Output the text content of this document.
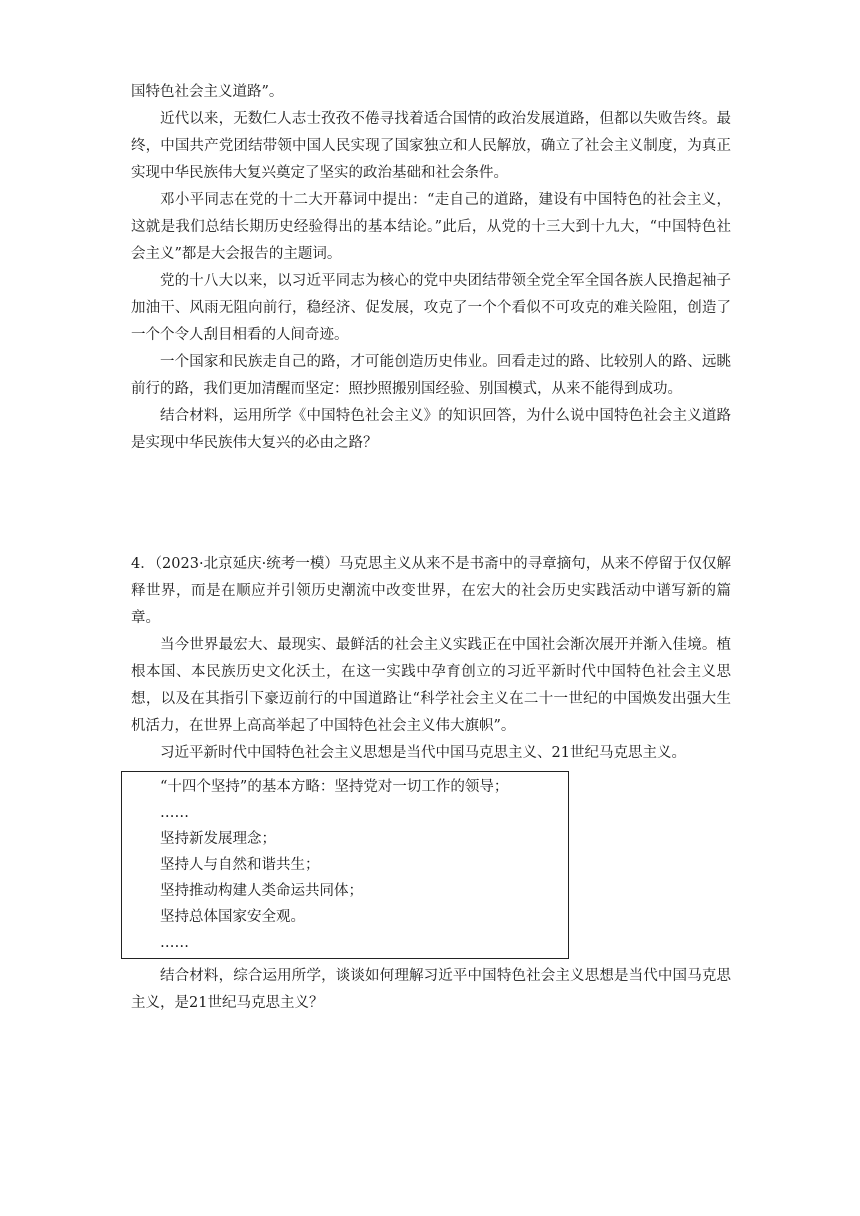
国特色社会主义道路”。

近代以来，无数仁人志士孜孜不倦寻找着适合国情的政治发展道路，但都以失败告终。最终，中国共产党团结带领中国人民实现了国家独立和人民解放，确立了社会主义制度，为真正实现中华民族伟大复兴奠定了坚实的政治基础和社会条件。

邓小平同志在党的十二大开幕词中提出：“走自己的道路，建设有中国特色的社会主义，这就是我们总结长期历史经验得出的基本结论。”此后，从党的十三大到十九大，“中国特色社会主义”都是大会报告的主题词。

党的十八大以来，以习近平同志为核心的党中央团结带领全党全军全国各族人民撸起袖子加油干、风雨无阻向前行，稳经济、促发展，攻克了一个个看似不可攻克的难关险阻，创造了一个个令人刮目相看的人间奇迹。

一个国家和民族走自己的路，才可能创造历史伟业。回看走过的路、比较别人的路、远眺前行的路，我们更加清醒而坚定：照抄照搬别国经验、别国模式，从来不能得到成功。

结合材料，运用所学《中国特色社会主义》的知识回答，为什么说中国特色社会主义道路是实现中华民族伟大复兴的必由之路？

4．（2023·北京延庆·统考一模）马克思主义从来不是书斋中的寻章摘句，从来不停留于仅仅解释世界，而是在顺应并引领历史潮流中改变世界，在宏大的社会历史实践活动中谱写新的篇章。

当今世界最宏大、最现实、最鲜活的社会主义实践正在中国社会渐次展开并渐入佳境。植根本国、本民族历史文化沃土，在这一实践中孕育创立的习近平新时代中国特色社会主义思想，以及在其指引下豪迈前行的中国道路让“科学社会主义在二十一世纪的中国焕发出强大生机活力，在世界上高高举起了中国特色社会主义伟大旗帜”。

习近平新时代中国特色社会主义思想是当代中国马克思主义、21世纪马克思主义。

“十四个坚持”的基本方略：坚持党对一切工作的领导；

……

坚持新发展理念；

坚持人与自然和谐共生；

坚持推动构建人类命运共同体；

坚持总体国家安全观。

……

结合材料，综合运用所学，谈谈如何理解习近平中国特色社会主义思想是当代中国马克思主义，是21世纪马克思主义？
